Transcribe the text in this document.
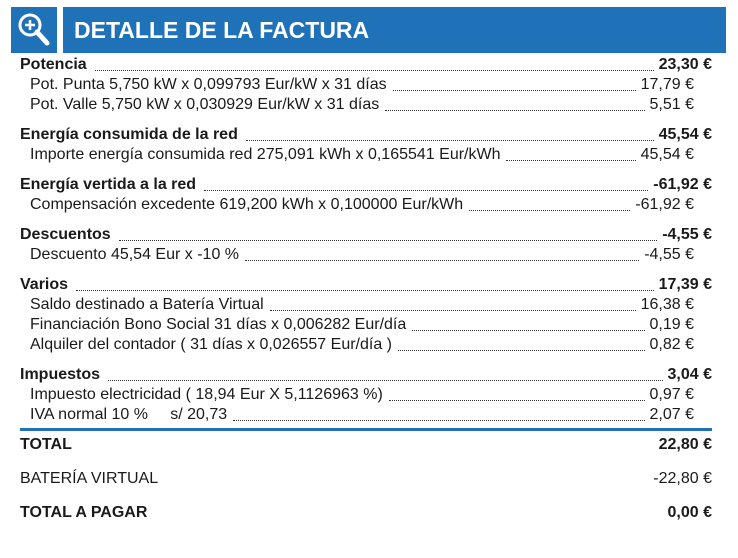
DETALLE DE LA FACTURA
Potencia	23,30 €
Pot. Punta 5,750 kW x 0,099793 Eur/kW x 31 días	17,79 €
Pot. Valle 5,750 kW x 0,030929 Eur/kW x 31 días	5,51 €
Energía consumida de la red	45,54 €
Importe energía consumida red 275,091 kWh x 0,165541 Eur/kWh	45,54 €
Energía vertida a la red	-61,92 €
Compensación excedente 619,200 kWh x 0,100000 Eur/kWh	-61,92 €
Descuentos	-4,55 €
Descuento 45,54 Eur x -10 %	-4,55 €
Varios	17,39 €
Saldo destinado a Batería Virtual	16,38 €
Financiación Bono Social 31 días x 0,006282 Eur/día	0,19 €
Alquiler del contador ( 31 días x 0,026557 Eur/día )	0,82 €
Impuestos	3,04 €
Impuesto electricidad ( 18,94 Eur X 5,1126963 %)	0,97 €
IVA normal 10 %     s/ 20,73	2,07 €
TOTAL	22,80 €
BATERÍA VIRTUAL	-22,80 €
TOTAL A PAGAR	0,00 €
